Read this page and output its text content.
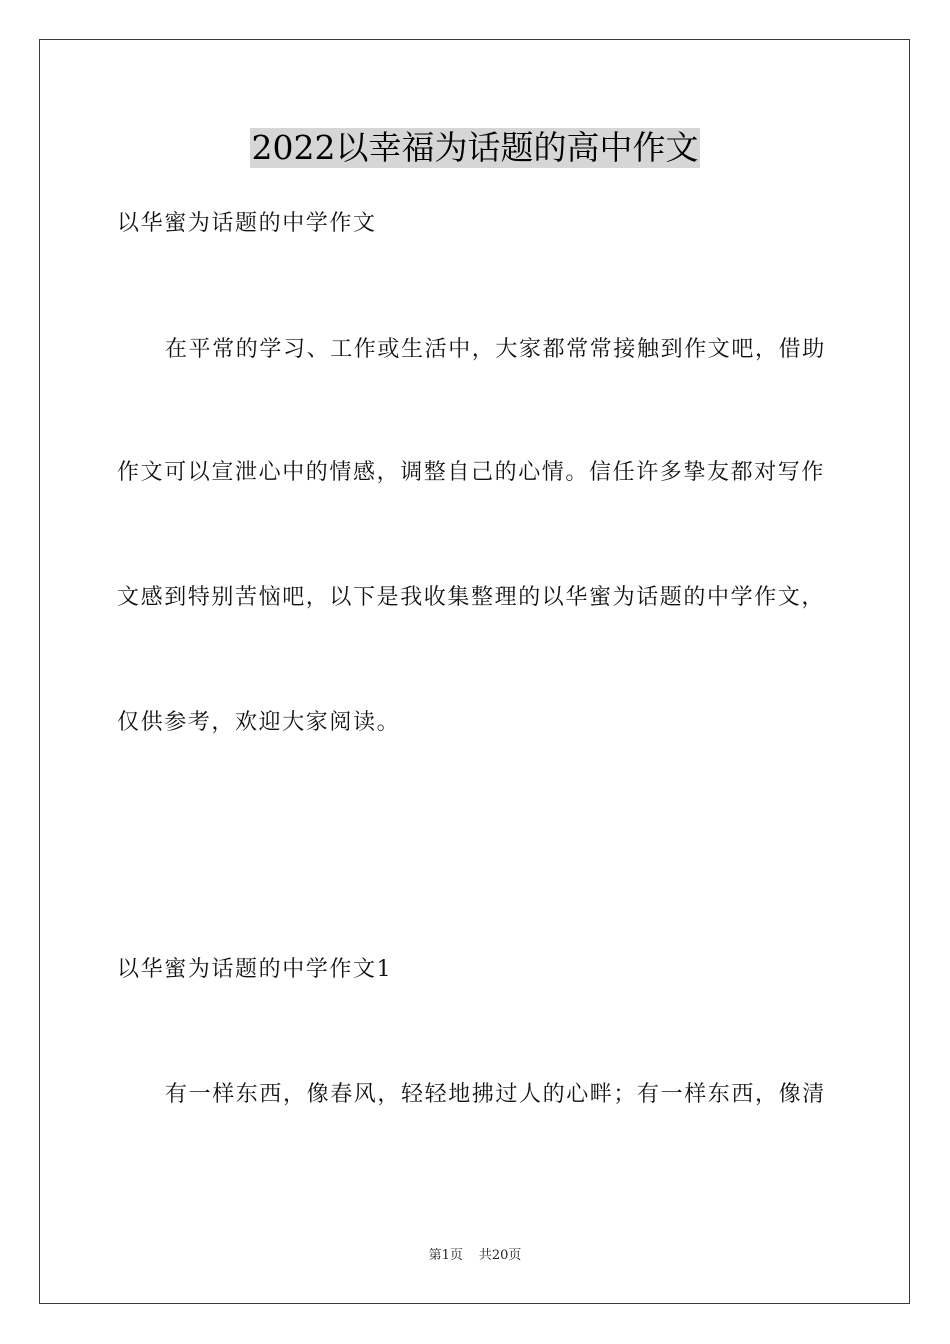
2022以幸福为话题的高中作文
以华蜜为话题的中学作文
在平常的学习、工作或生活中，大家都常常接触到作文吧，借助
作文可以宣泄心中的情感，调整自己的心情。信任许多挚友都对写作
文感到特别苦恼吧，以下是我收集整理的以华蜜为话题的中学作文，
仅供参考，欢迎大家阅读。
以华蜜为话题的中学作文1
有一样东西，像春风，轻轻地拂过人的心畔；有一样东西，像清
第1页 共20页
